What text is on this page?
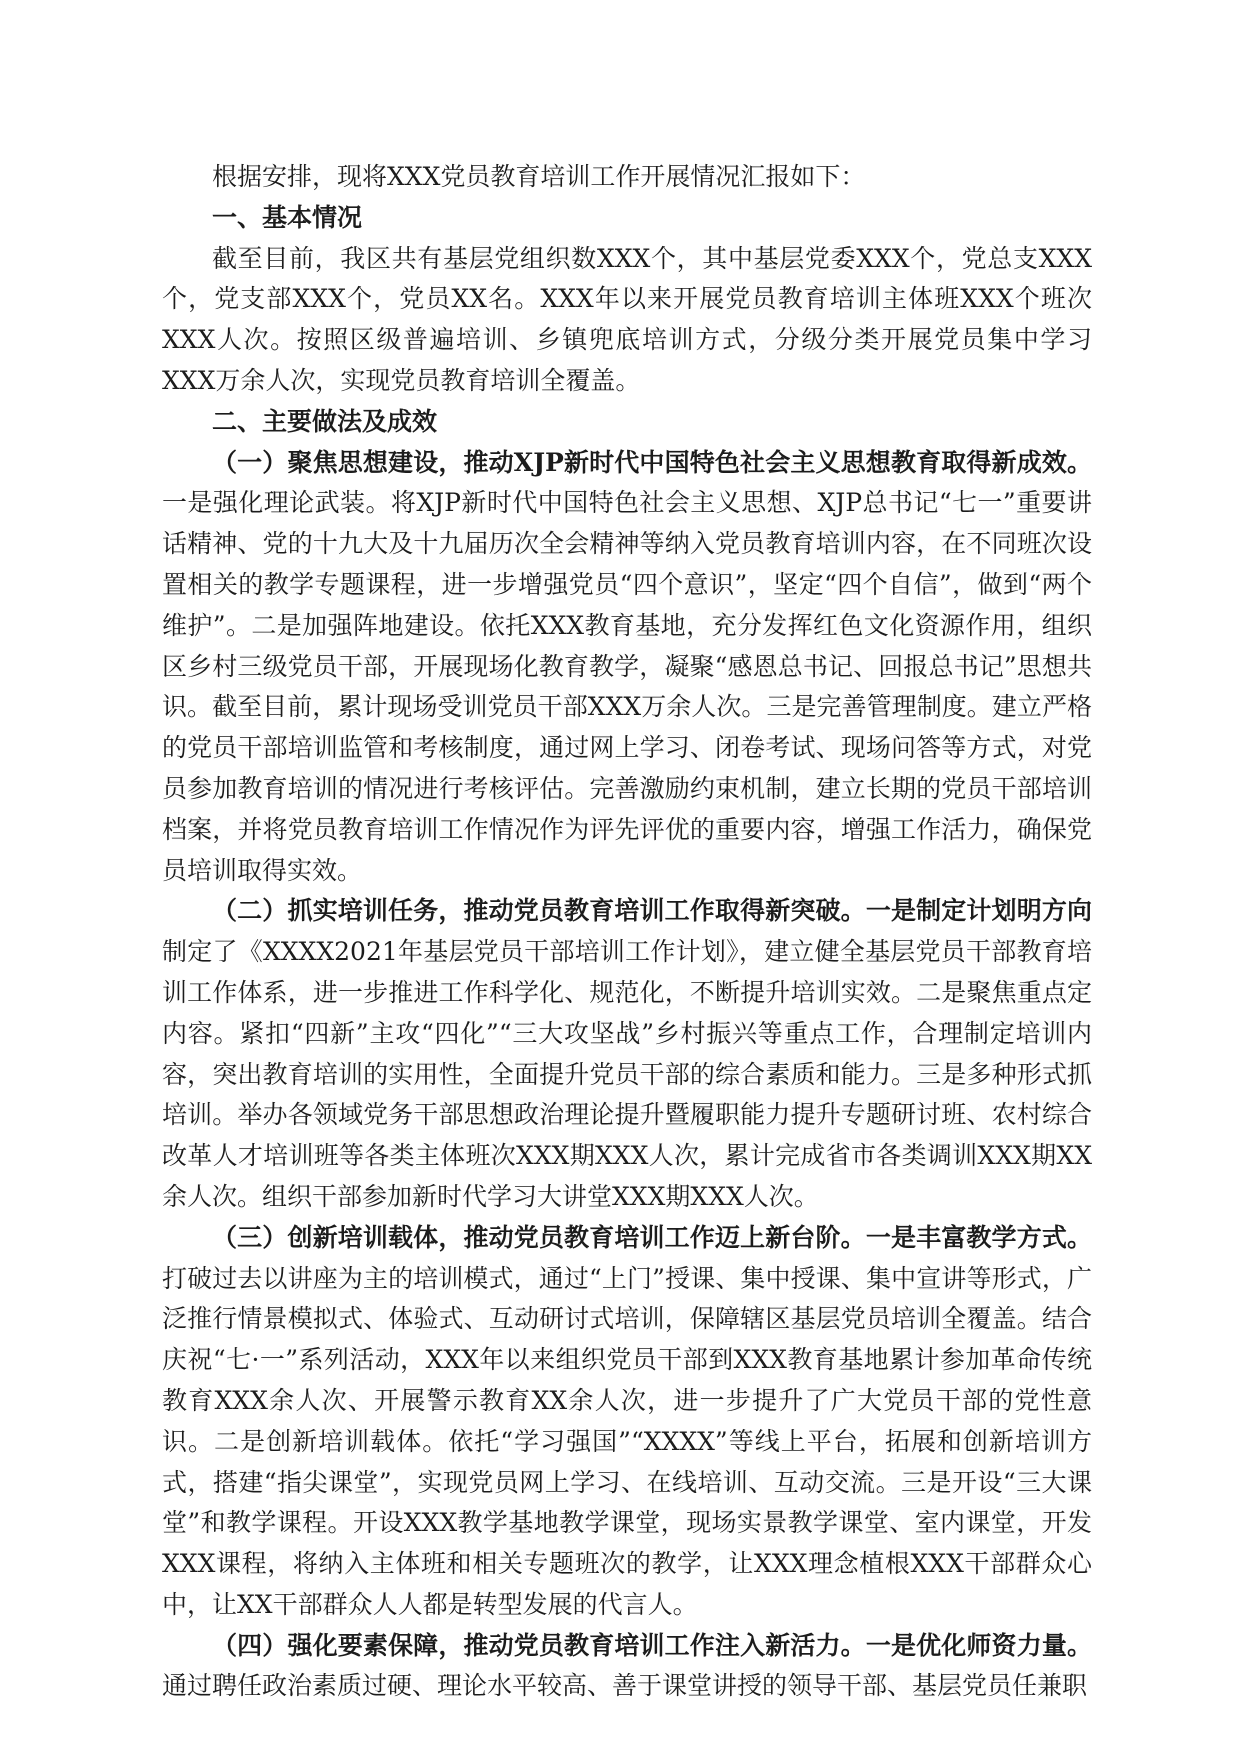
根据安排，现将XXX党员教育培训工作开展情况汇报如下：

一、基本情况

截至目前，我区共有基层党组织数XXX个，其中基层党委XXX个，党总支XXX个，党支部XXX个，党员XX名。XXX年以来开展党员教育培训主体班XXX个班次XXX人次。按照区级普遍培训、乡镇兜底培训方式，分级分类开展党员集中学习 XXX万余人次，实现党员教育培训全覆盖。

二、主要做法及成效

（一）聚焦思想建设，推动XJP新时代中国特色社会主义思想教育取得新成效。一是强化理论武装。将XJP新时代中国特色社会主义思想、XJP总书记“七一”重要讲话精神、党的十九大及十九届历次全会精神等纳入党员教育培训内容，在不同班次设置相关的教学专题课程，进一步增强党员“四个意识”，坚定“四个自信”，做到“两个维护”。二是加强阵地建设。依托XXX教育基地，充分发挥红色文化资源作用，组织区乡村三级党员干部，开展现场化教育教学，凝聚“感恩总书记、回报总书记”思想共识。截至目前，累计现场受训党员干部XXX万余人次。三是完善管理制度。建立严格的党员干部培训监管和考核制度，通过网上学习、闭卷考试、现场问答等方式，对党员参加教育培训的情况进行考核评估。完善激励约束机制，建立长期的党员干部培训档案，并将党员教育培训工作情况作为评先评优的重要内容，增强工作活力，确保党员培训取得实效。

（二）抓实培训任务，推动党员教育培训工作取得新突破。一是制定计划明方向制定了《XXXX2021年基层党员干部培训工作计划》，建立健全基层党员干部教育培训工作体系，进一步推进工作科学化、规范化，不断提升培训实效。二是聚焦重点定内容。紧扣“四新”主攻“四化”“三大攻坚战”乡村振兴等重点工作，合理制定培训内容，突出教育培训的实用性，全面提升党员干部的综合素质和能力。三是多种形式抓培训。举办各领域党务干部思想政治理论提升暨履职能力提升专题研讨班、农村综合改革人才培训班等各类主体班次XXX期XXX人次，累计完成省市各类调训XXX期XX余人次。组织干部参加新时代学习大讲堂XXX期XXX人次。

（三）创新培训载体，推动党员教育培训工作迈上新台阶。一是丰富教学方式。打破过去以讲座为主的培训模式，通过“上门”授课、集中授课、集中宣讲等形式，广泛推行情景模拟式、体验式、互动研讨式培训，保障辖区基层党员培训全覆盖。结合庆祝“七·一”系列活动，XXX年以来组织党员干部到XXX教育基地累计参加革命传统教育XXX余人次、开展警示教育XX余人次，进一步提升了广大党员干部的党性意识。二是创新培训载体。依托“学习强国”“XXXX”等线上平台，拓展和创新培训方式，搭建“指尖课堂”，实现党员网上学习、在线培训、互动交流。三是开设“三大课堂”和教学课程。开设XXX教学基地教学课堂，现场实景教学课堂、室内课堂，开发XXX课程，将纳入主体班和相关专题班次的教学，让XXX理念植根XXX干部群众心中，让XX干部群众人人都是转型发展的代言人。

（四）强化要素保障，推动党员教育培训工作注入新活力。一是优化师资力量。通过聘任政治素质过硬、理论水平较高、善于课堂讲授的领导干部、基层党员任兼职
